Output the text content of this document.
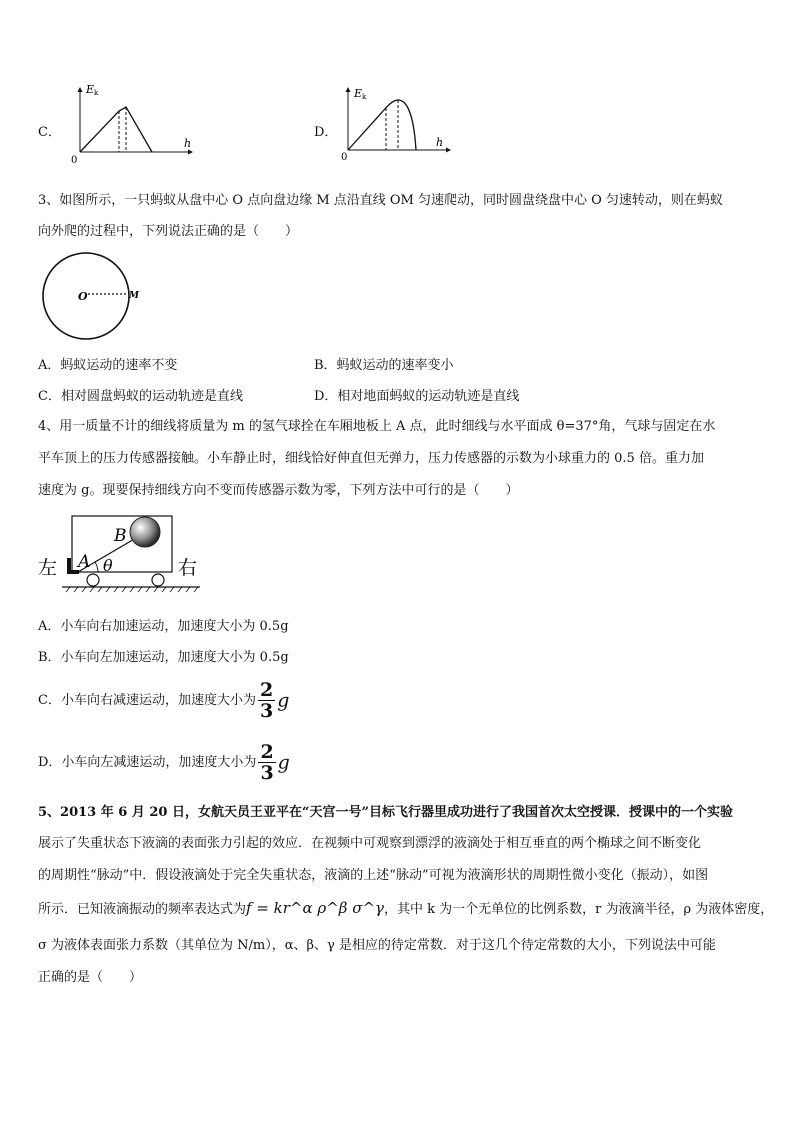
C．
E k
h
0
D．
E k
h
0
3、如图所示，一只蚂蚁从盘中心 O 点向盘边缘 M 点沿直线 OM 匀速爬动，同时圆盘绕盘中心 O 匀速转动，则在蚂蚁
向外爬的过程中，下列说法正确的是（　　）
O	M
A．蚂蚁运动的速率不变	B．蚂蚁运动的速率变小
C．相对圆盘蚂蚁的运动轨迹是直线	D．相对地面蚂蚁的运动轨迹是直线
4、用一质量不计的细线将质量为 m 的氢气球拴在车厢地板上 A 点，此时细线与水平面成 θ=37°角，气球与固定在水
平车顶上的压力传感器接触。小车静止时，细线恰好伸直但无弹力，压力传感器的示数为小球重力的 0.5 倍。重力加
速度为 g。现要保持细线方向不变而传感器示数为零，下列方法中可行的是（　　）
左	右
A
B
θ
A．小车向右加速运动，加速度大小为 0.5g
B．小车向左加速运动，加速度大小为 0.5g
C．小车向右减速运动，加速度大小为 $\frac{2}{3}$ g
D．小车向左减速运动，加速度大小为 $\frac{2}{3}$ g
5、2013 年 6 月 20 日，女航天员王亚平在“天宫一号”目标飞行器里成功进行了我国首次太空授课．授课中的一个实验
展示了失重状态下液滴的表面张力引起的效应．在视频中可观察到漂浮的液滴处于相互垂直的两个椭球之间不断变化
的周期性“脉动”中．假设液滴处于完全失重状态，液滴的上述“脉动”可视为液滴形状的周期性微小变化（振动），如图
所示．已知液滴振动的频率表达式为f = kr^α ρ^β σ^γ，其中 k 为一个无单位的比例系数，r 为液滴半径，ρ 为液体密度，
σ 为液体表面张力系数（其单位为 N/m），α、β、γ 是相应的待定常数．对于这几个待定常数的大小，下列说法中可能
正确的是（　　）
